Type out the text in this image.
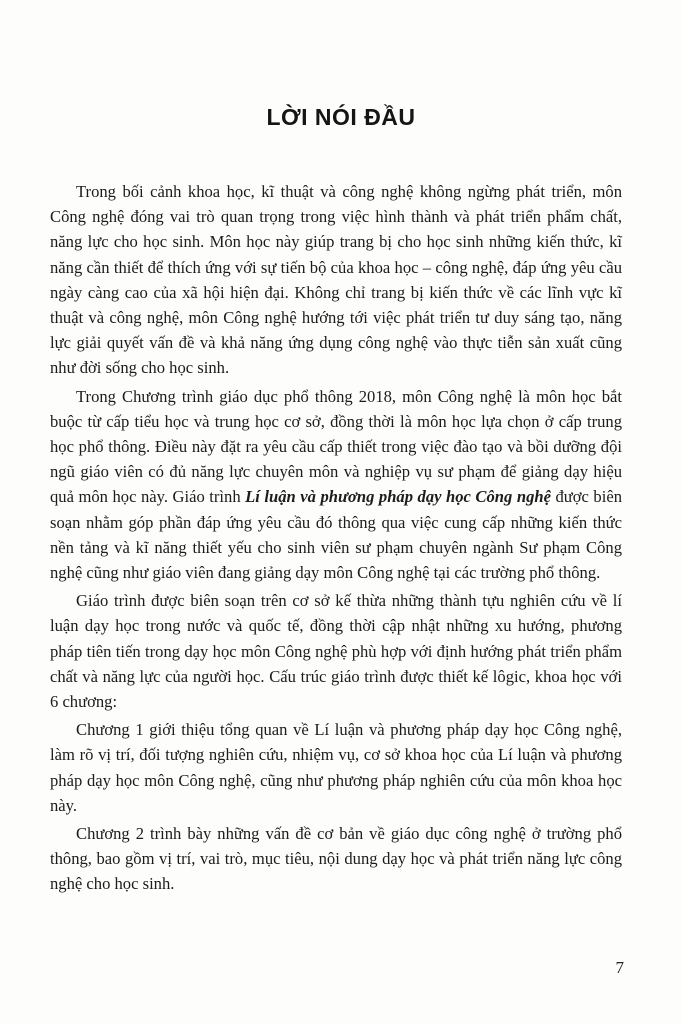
LỜI NÓI ĐẦU

Trong bối cảnh khoa học, kĩ thuật và công nghệ không ngừng phát triển, môn Công nghệ đóng vai trò quan trọng trong việc hình thành và phát triển phẩm chất, năng lực cho học sinh. Môn học này giúp trang bị cho học sinh những kiến thức, kĩ năng cần thiết để thích ứng với sự tiến bộ của khoa học – công nghệ, đáp ứng yêu cầu ngày càng cao của xã hội hiện đại. Không chỉ trang bị kiến thức về các lĩnh vực kĩ thuật và công nghệ, môn Công nghệ hướng tới việc phát triển tư duy sáng tạo, năng lực giải quyết vấn đề và khả năng ứng dụng công nghệ vào thực tiễn sản xuất cũng như đời sống cho học sinh.

Trong Chương trình giáo dục phổ thông 2018, môn Công nghệ là môn học bắt buộc từ cấp tiểu học và trung học cơ sở, đồng thời là môn học lựa chọn ở cấp trung học phổ thông. Điều này đặt ra yêu cầu cấp thiết trong việc đào tạo và bồi dưỡng đội ngũ giáo viên có đủ năng lực chuyên môn và nghiệp vụ sư phạm để giảng dạy hiệu quả môn học này. Giáo trình Lí luận và phương pháp dạy học Công nghệ được biên soạn nhằm góp phần đáp ứng yêu cầu đó thông qua việc cung cấp những kiến thức nền tảng và kĩ năng thiết yếu cho sinh viên sư phạm chuyên ngành Sư phạm Công nghệ cũng như giáo viên đang giảng dạy môn Công nghệ tại các trường phổ thông.

Giáo trình được biên soạn trên cơ sở kế thừa những thành tựu nghiên cứu về lí luận dạy học trong nước và quốc tế, đồng thời cập nhật những xu hướng, phương pháp tiên tiến trong dạy học môn Công nghệ phù hợp với định hướng phát triển phẩm chất và năng lực của người học. Cấu trúc giáo trình được thiết kế lôgic, khoa học với 6 chương:

Chương 1 giới thiệu tổng quan về Lí luận và phương pháp dạy học Công nghệ, làm rõ vị trí, đối tượng nghiên cứu, nhiệm vụ, cơ sở khoa học của Lí luận và phương pháp dạy học môn Công nghệ, cũng như phương pháp nghiên cứu của môn khoa học này.

Chương 2 trình bày những vấn đề cơ bản về giáo dục công nghệ ở trường phổ thông, bao gồm vị trí, vai trò, mục tiêu, nội dung dạy học và phát triển năng lực công nghệ cho học sinh.

7
